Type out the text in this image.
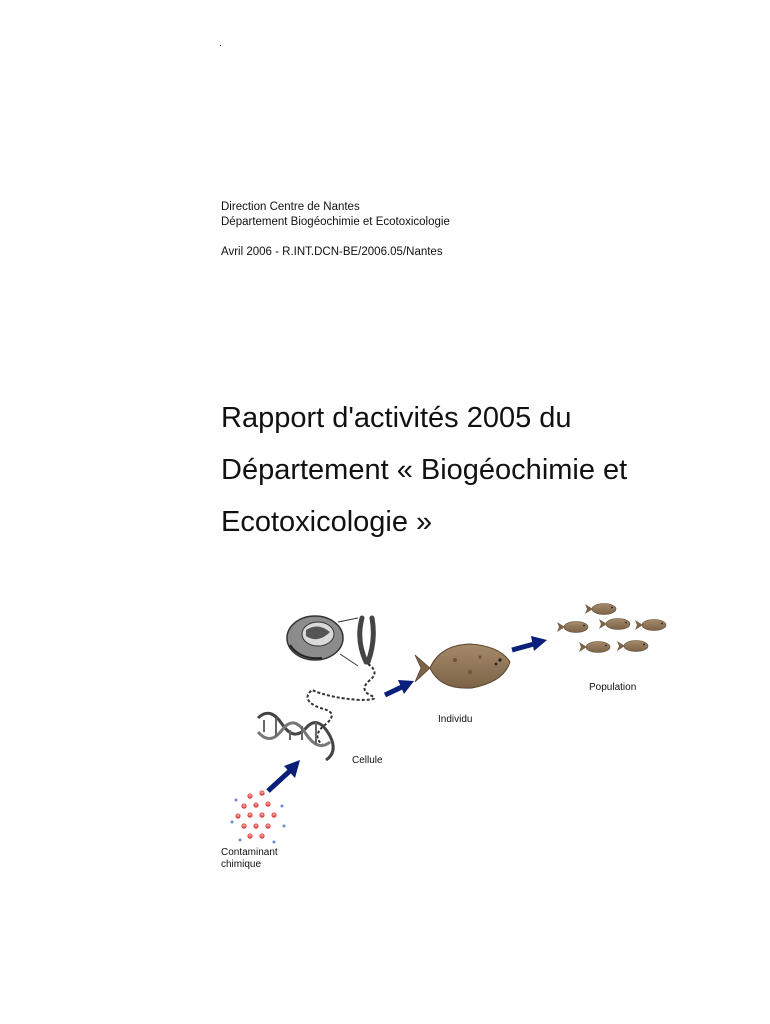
.
Direction Centre de Nantes
Département Biogéochimie et Ecotoxicologie
Avril 2006 - R.INT.DCN-BE/2006.05/Nantes
Rapport d'activités 2005 du
Département « Biogéochimie et
Ecotoxicologie »
Population
Individu
Cellule
Contaminant
chimique
